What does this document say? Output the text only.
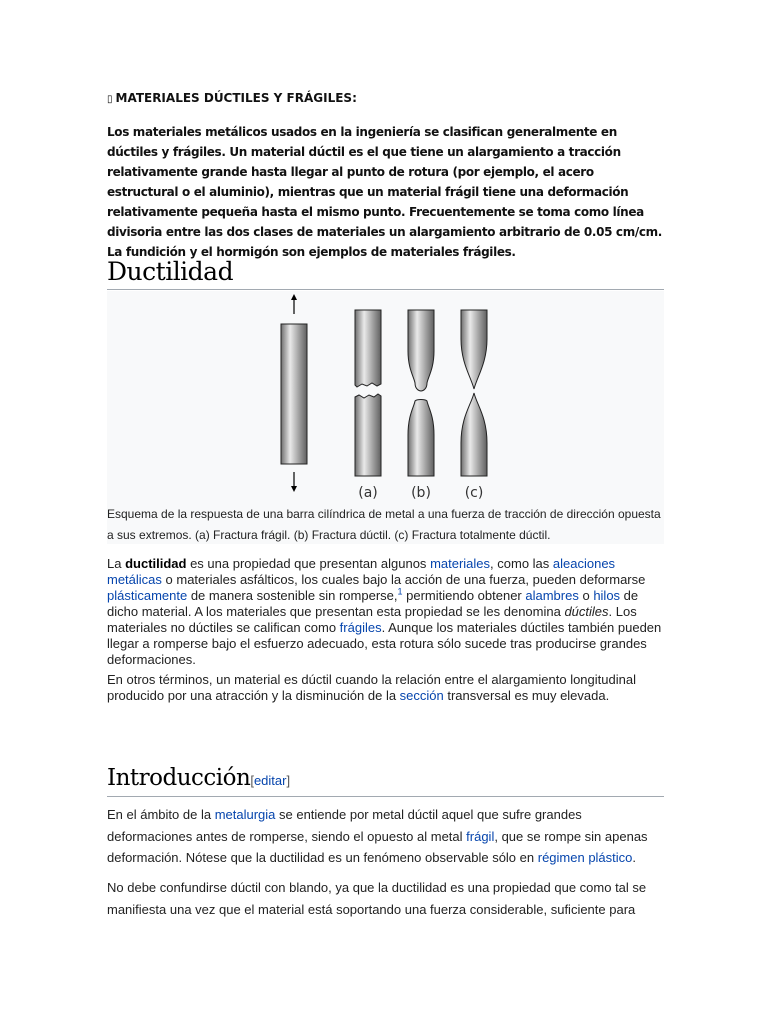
▯ MATERIALES DÚCTILES Y FRÁGILES:

Los materiales metálicos usados en la ingeniería se clasifican generalmente en dúctiles y frágiles. Un material dúctil es el que tiene un alargamiento a tracción relativamente grande hasta llegar al punto de rotura (por ejemplo, el acero estructural o el aluminio), mientras que un material frágil tiene una deformación relativamente pequeña hasta el mismo punto. Frecuentemente se toma como línea divisoria entre las dos clases de materiales un alargamiento arbitrario de 0.05 cm/cm. La fundición y el hormigón son ejemplos de materiales frágiles.

Ductilidad
(a) (b) (c)

Esquema de la respuesta de una barra cilíndrica de metal a una fuerza de tracción de dirección opuesta a sus extremos. (a) Fractura frágil. (b) Fractura dúctil. (c) Fractura totalmente dúctil.

La ductilidad es una propiedad que presentan algunos materiales, como las aleaciones metálicas o materiales asfálticos, los cuales bajo la acción de una fuerza, pueden deformarse plásticamente de manera sostenible sin romperse,$^1$ permitiendo obtener alambres o hilos de dicho material. A los materiales que presentan esta propiedad se les denomina dúctiles. Los materiales no dúctiles se califican como frágiles. Aunque los materiales dúctiles también pueden llegar a romperse bajo el esfuerzo adecuado, esta rotura sólo sucede tras producirse grandes deformaciones.

En otros términos, un material es dúctil cuando la relación entre el alargamiento longitudinal producido por una atracción y la disminución de la sección transversal es muy elevada.

Introducción[editar]

En el ámbito de la metalurgia se entiende por metal dúctil aquel que sufre grandes deformaciones antes de romperse, siendo el opuesto al metal frágil, que se rompe sin apenas deformación. Nótese que la ductilidad es un fenómeno observable sólo en régimen plástico.

No debe confundirse dúctil con blando, ya que la ductilidad es una propiedad que como tal se manifiesta una vez que el material está soportando una fuerza considerable, suficiente para
